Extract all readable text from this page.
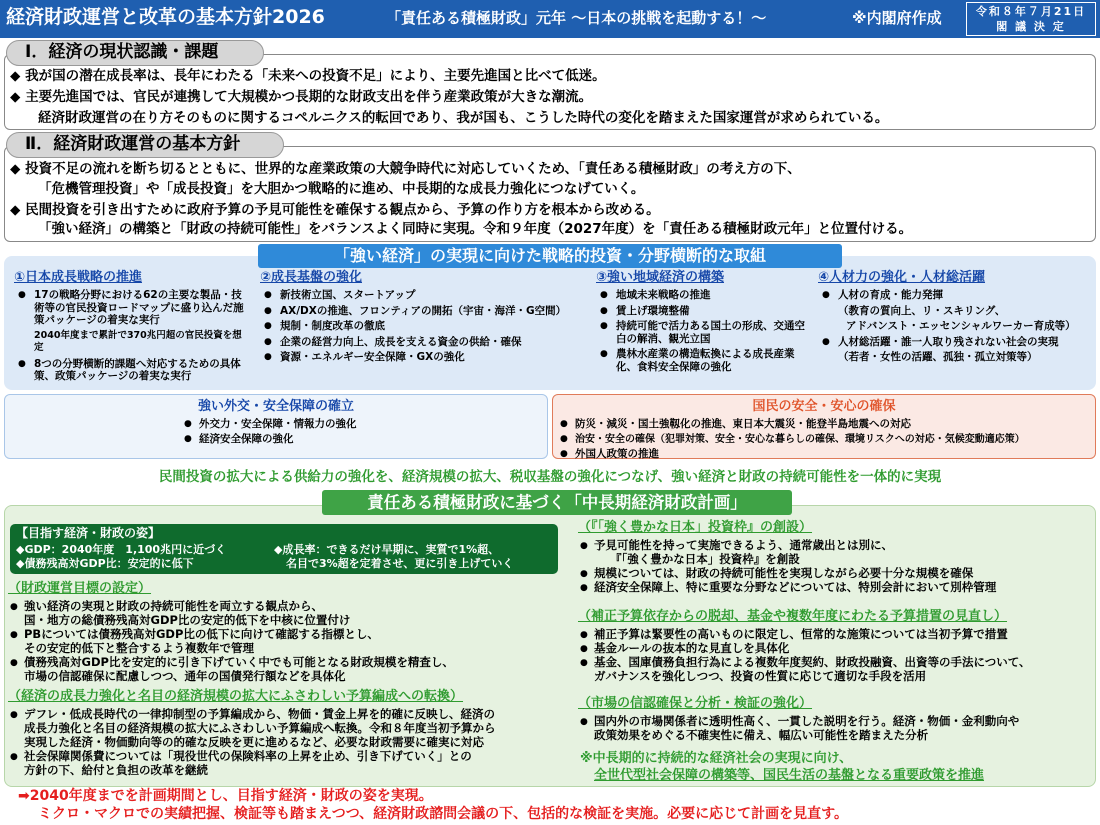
経済財政運営と改革の基本方針2026	「責任ある積極財政」元年 ～日本の挑戦を起動する！～	※内閣府作成	令和８年７月21日
閣 議 決 定
Ⅰ．経済の現状認識・課題
◆ 我が国の潜在成長率は、長年にわたる「未来への投資不足」により、主要先進国と比べて低迷。
◆ 主要先進国では、官民が連携して大規模かつ長期的な財政支出を伴う産業政策が大きな潮流。
経済財政運営の在り方そのものに関するコペルニクス的転回であり、我が国も、こうした時代の変化を踏まえた国家運営が求められている。
Ⅱ．経済財政運営の基本方針
◆ 投資不足の流れを断ち切るとともに、世界的な産業政策の大競争時代に対応していくため、「責任ある積極財政」の考え方の下、
「危機管理投資」や「成長投資」を大胆かつ戦略的に進め、中長期的な成長力強化につなげていく。
◆ 民間投資を引き出すために政府予算の予見可能性を確保する観点から、予算の作り方を根本から改める。
「強い経済」の構築と「財政の持続可能性」をバランスよく同時に実現。令和９年度（2027年度）を「責任ある積極財政元年」と位置付ける。
「強い経済」の実現に向けた戦略的投資・分野横断的な取組
①日本成長戦略の推進
● 17の戦略分野における62の主要な製品・技術等の官民投資ロードマップに盛り込んだ施策パッケージの着実な実行
2040年度まで累計で370兆円超の官民投資を想定
● 8つの分野横断的課題へ対応するための具体策、政策パッケージの着実な実行
②成長基盤の強化
● 新技術立国、スタートアップ
● AX/DXの推進、フロンティアの開拓（宇宙・海洋・G空間）
● 規制・制度改革の徹底
● 企業の経営力向上、成長を支える資金の供給・確保
● 資源・エネルギー安全保障・GXの強化
③強い地域経済の構築
● 地域未来戦略の推進
● 賃上げ環境整備
● 持続可能で活力ある国土の形成、交通空白の解消、観光立国
● 農林水産業の構造転換による成長産業化、食料安全保障の強化
④人材力の強化・人材総活躍
● 人材の育成・能力発揮
（教育の質向上、リ・スキリング、
アドバンスト・エッセンシャルワーカー育成等）
● 人材総活躍・誰一人取り残されない社会の実現
（若者・女性の活躍、孤独・孤立対策等）
強い外交・安全保障の確立
● 外交力・安全保障・情報力の強化
● 経済安全保障の強化
国民の安全・安心の確保
● 防災・減災・国土強靱化の推進、東日本大震災・能登半島地震への対応
● 治安・安全の確保（犯罪対策、安全・安心な暮らしの確保、環境リスクへの対応・気候変動適応策）
● 外国人政策の推進
民間投資の拡大による供給力の強化を、経済規模の拡大、税収基盤の強化につなげ、強い経済と財政の持続可能性を一体的に実現
責任ある積極財政に基づく「中長期経済財政計画」
【目指す経済・財政の姿】
◆GDP：2040年度　1,100兆円に近づく
◆債務残高対GDP比：安定的に低下
◆成長率：できるだけ早期に、実質で1%超、
名目で3%超を定着させ、更に引き上げていく
（財政運営目標の設定）
● 強い経済の実現と財政の持続可能性を両立する観点から、
国・地方の総債務残高対GDP比の安定的低下を中核に位置付け
● PBについては債務残高対GDP比の低下に向けて確認する指標とし、
その安定的低下と整合するよう複数年で管理
● 債務残高対GDP比を安定的に引き下げていく中でも可能となる財政規模を精査し、
市場の信認確保に配慮しつつ、通年の国債発行額などを具体化
（経済の成長力強化と名目の経済規模の拡大にふさわしい予算編成への転換）
● デフレ・低成長時代の一律抑制型の予算編成から、物価・賃金上昇を的確に反映し、経済の
成長力強化と名目の経済規模の拡大にふさわしい予算編成へ転換。令和８年度当初予算から
実現した経済・物価動向等の的確な反映を更に進めるなど、必要な財政需要に確実に対応
● 社会保障関係費については「現役世代の保険料率の上昇を止め、引き下げていく」との
方針の下、給付と負担の改革を継続
（『「強く豊かな日本」投資枠』の創設）
● 予見可能性を持って実施できるよう、通常歳出とは別に、
『「強く豊かな日本」投資枠』を創設
● 規模については、財政の持続可能性を実現しながら必要十分な規模を確保
● 経済安全保障上、特に重要な分野などについては、特別会計において別枠管理
（補正予算依存からの脱却、基金や複数年度にわたる予算措置の見直し）
● 補正予算は緊要性の高いものに限定し、恒常的な施策については当初予算で措置
● 基金ルールの抜本的な見直しを具体化
● 基金、国庫債務負担行為による複数年度契約、財政投融資、出資等の手法について、
ガバナンスを強化しつつ、投資の性質に応じて適切な手段を活用
（市場の信認確保と分析・検証の強化）
● 国内外の市場関係者に透明性高く、一貫した説明を行う。経済・物価・金利動向や
政策効果をめぐる不確実性に備え、幅広い可能性を踏まえた分析
※中長期的に持続的な経済社会の実現に向け、
全世代型社会保障の構築等、国民生活の基盤となる重要政策を推進
➡2040年度までを計画期間とし、目指す経済・財政の姿を実現。
ミクロ・マクロでの実績把握、検証等も踏まえつつ、経済財政諮問会議の下、包括的な検証を実施。必要に応じて計画を見直す。
